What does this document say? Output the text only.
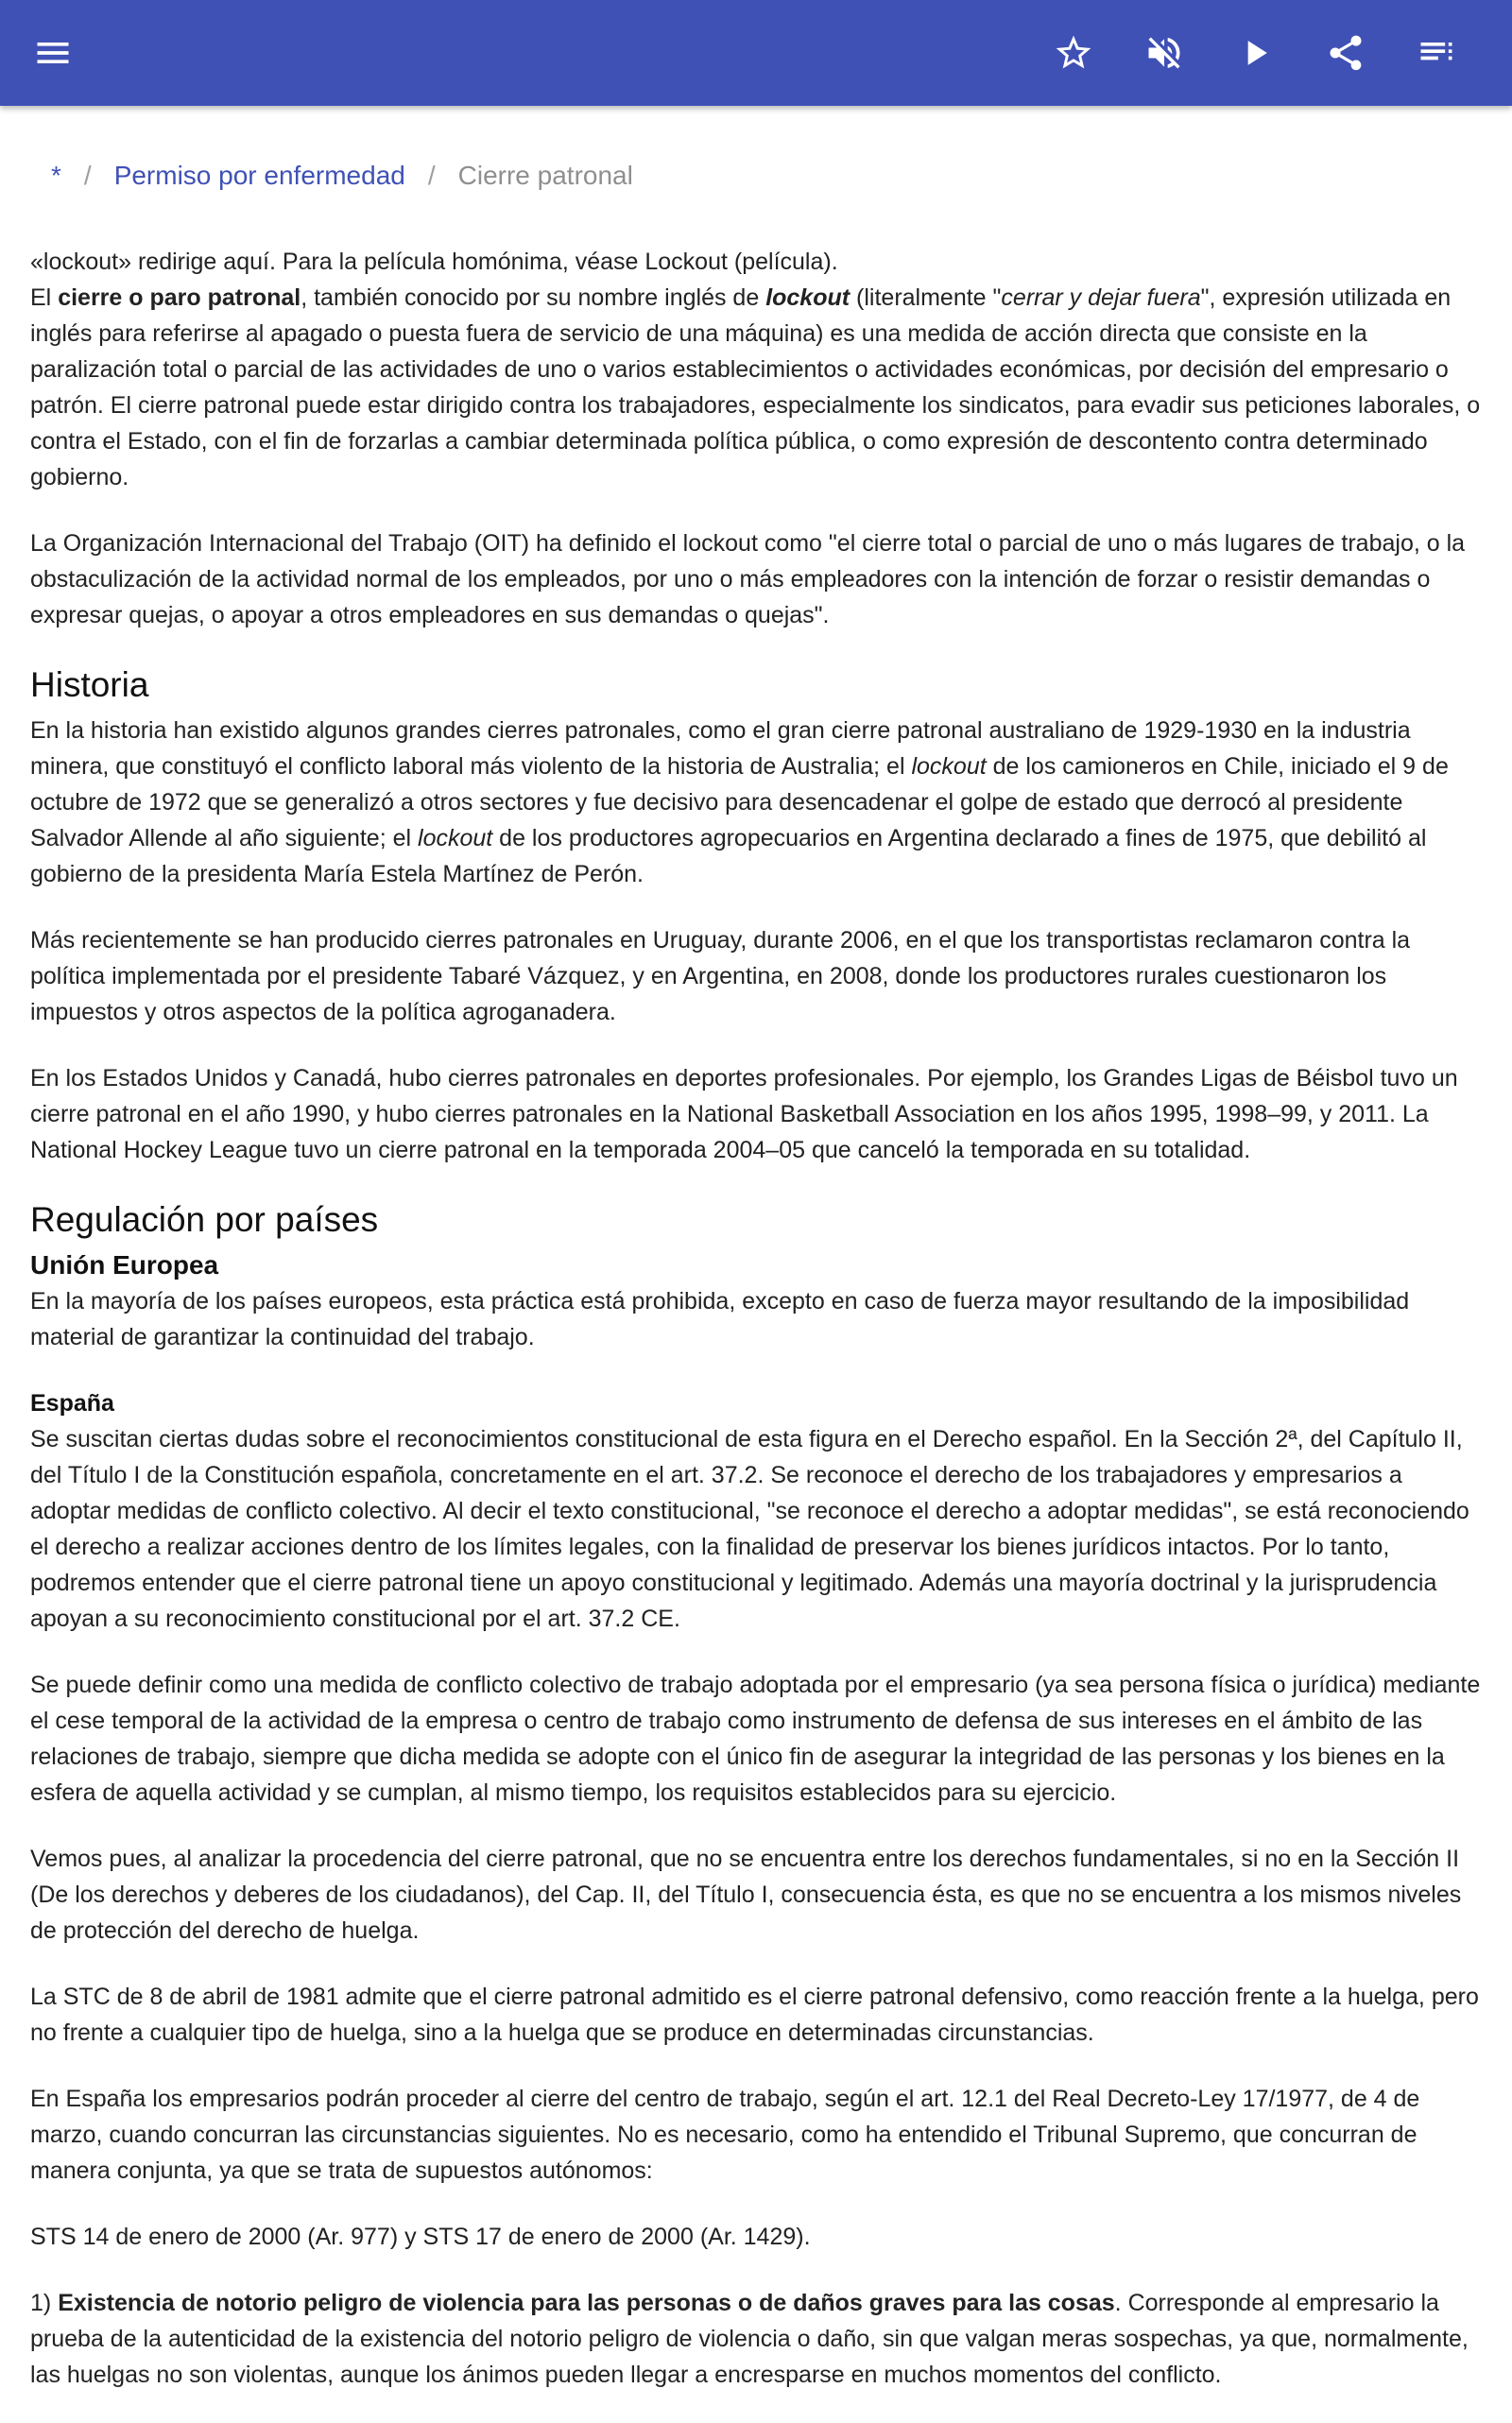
* / Permiso por enfermedad / Cierre patronal

«lockout» redirige aquí. Para la película homónima, véase Lockout (película).

El cierre o paro patronal, también conocido por su nombre inglés de lockout (literalmente "cerrar y dejar fuera", expresión utilizada en inglés para referirse al apagado o puesta fuera de servicio de una máquina) es una medida de acción directa que consiste en la paralización total o parcial de las actividades de uno o varios establecimientos o actividades económicas, por decisión del empresario o patrón. El cierre patronal puede estar dirigido contra los trabajadores, especialmente los sindicatos, para evadir sus peticiones laborales, o contra el Estado, con el fin de forzarlas a cambiar determinada política pública, o como expresión de descontento contra determinado gobierno.

La Organización Internacional del Trabajo (OIT) ha definido el lockout como "el cierre total o parcial de uno o más lugares de trabajo, o la obstaculización de la actividad normal de los empleados, por uno o más empleadores con la intención de forzar o resistir demandas o expresar quejas, o apoyar a otros empleadores en sus demandas o quejas".

Historia

En la historia han existido algunos grandes cierres patronales, como el gran cierre patronal australiano de 1929-1930 en la industria minera, que constituyó el conflicto laboral más violento de la historia de Australia; el lockout de los camioneros en Chile, iniciado el 9 de octubre de 1972 que se generalizó a otros sectores y fue decisivo para desencadenar el golpe de estado que derrocó al presidente Salvador Allende al año siguiente; el lockout de los productores agropecuarios en Argentina declarado a fines de 1975, que debilitó al gobierno de la presidenta María Estela Martínez de Perón.

Más recientemente se han producido cierres patronales en Uruguay, durante 2006, en el que los transportistas reclamaron contra la política implementada por el presidente Tabaré Vázquez, y en Argentina, en 2008, donde los productores rurales cuestionaron los impuestos y otros aspectos de la política agroganadera.

En los Estados Unidos y Canadá, hubo cierres patronales en deportes profesionales. Por ejemplo, los Grandes Ligas de Béisbol tuvo un cierre patronal en el año 1990, y hubo cierres patronales en la National Basketball Association en los años 1995, 1998–99, y 2011. La National Hockey League tuvo un cierre patronal en la temporada 2004–05 que canceló la temporada en su totalidad.

Regulación por países
Unión Europea

En la mayoría de los países europeos, esta práctica está prohibida, excepto en caso de fuerza mayor resultando de la imposibilidad material de garantizar la continuidad del trabajo.

España

Se suscitan ciertas dudas sobre el reconocimientos constitucional de esta figura en el Derecho español. En la Sección 2ª, del Capítulo II, del Título I de la Constitución española, concretamente en el art. 37.2. Se reconoce el derecho de los trabajadores y empresarios a adoptar medidas de conflicto colectivo. Al decir el texto constitucional, "se reconoce el derecho a adoptar medidas", se está reconociendo el derecho a realizar acciones dentro de los límites legales, con la finalidad de preservar los bienes jurídicos intactos. Por lo tanto, podremos entender que el cierre patronal tiene un apoyo constitucional y legitimado. Además una mayoría doctrinal y la jurisprudencia apoyan a su reconocimiento constitucional por el art. 37.2 CE.

Se puede definir como una medida de conflicto colectivo de trabajo adoptada por el empresario (ya sea persona física o jurídica) mediante el cese temporal de la actividad de la empresa o centro de trabajo como instrumento de defensa de sus intereses en el ámbito de las relaciones de trabajo, siempre que dicha medida se adopte con el único fin de asegurar la integridad de las personas y los bienes en la esfera de aquella actividad y se cumplan, al mismo tiempo, los requisitos establecidos para su ejercicio.

Vemos pues, al analizar la procedencia del cierre patronal, que no se encuentra entre los derechos fundamentales, si no en la Sección II (De los derechos y deberes de los ciudadanos), del Cap. II, del Título I, consecuencia ésta, es que no se encuentra a los mismos niveles de protección del derecho de huelga.

La STC de 8 de abril de 1981 admite que el cierre patronal admitido es el cierre patronal defensivo, como reacción frente a la huelga, pero no frente a cualquier tipo de huelga, sino a la huelga que se produce en determinadas circunstancias.

En España los empresarios podrán proceder al cierre del centro de trabajo, según el art. 12.1 del Real Decreto-Ley 17/1977, de 4 de marzo, cuando concurran las circunstancias siguientes. No es necesario, como ha entendido el Tribunal Supremo, que concurran de manera conjunta, ya que se trata de supuestos autónomos:

STS 14 de enero de 2000 (Ar. 977) y STS 17 de enero de 2000 (Ar. 1429).

1) Existencia de notorio peligro de violencia para las personas o de daños graves para las cosas. Corresponde al empresario la prueba de la autenticidad de la existencia del notorio peligro de violencia o daño, sin que valgan meras sospechas, ya que, normalmente, las huelgas no son violentas, aunque los ánimos pueden llegar a encresparse en muchos momentos del conflicto.
